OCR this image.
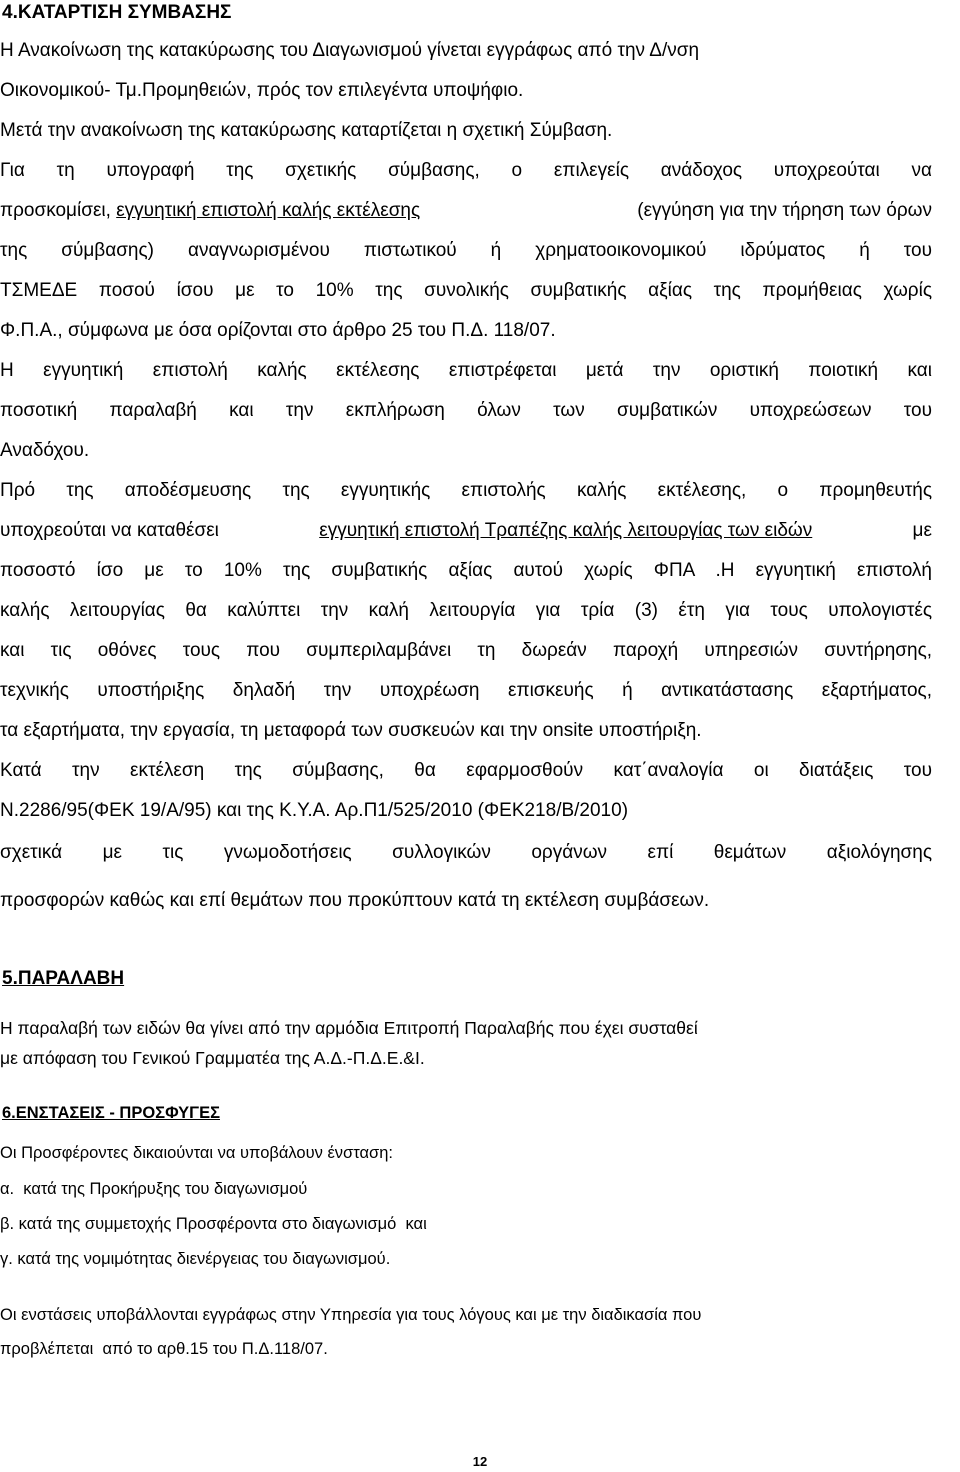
4.ΚΑΤΑΡΤΙΣΗ ΣΥΜΒΑΣΗΣ
Η Ανακοίνωση της κατακύρωσης του Διαγωνισμού γίνεται εγγράφως από την Δ/νση
Οικονομικού- Τμ.Προμηθειών, πρός τον επιλεγέντα υποψήφιο.
Μετά την ανακοίνωση της κατακύρωσης καταρτίζεται η σχετική Σύμβαση.
Για τη υπογραφή της σχετικής σύμβασης, ο επιλεγείς ανάδοχος υποχρεούται να
προσκομίσει, εγγυητική επιστολή καλής εκτέλεσης	(εγγύηση για την τήρηση των όρων
της σύμβασης) αναγνωρισμένου πιστωτικού ή χρηματοοικονομικού ιδρύματος ή του
ΤΣΜΕΔΕ ποσού ίσου με το 10% της συνολικής συμβατικής αξίας της προμήθειας χωρίς
Φ.Π.Α., σύμφωνα με όσα ορίζονται στο άρθρο 25 του Π.Δ. 118/07.
Η εγγυητική επιστολή καλής εκτέλεσης επιστρέφεται μετά την οριστική ποιοτική και
ποσοτική παραλαβή και την εκπλήρωση όλων των συμβατικών υποχρεώσεων του
Αναδόχου.
Πρό της αποδέσμευσης της εγγυητικής επιστολής καλής εκτέλεσης, ο προμηθευτής
υποχρεούται να καταθέσει	εγγυητική επιστολή Τραπέζης καλής λειτουργίας των ειδών	με
ποσοστό ίσο με το 10% της συμβατικής αξίας αυτού χωρίς ΦΠΑ .Η εγγυητική επιστολή
καλής λειτουργίας θα καλύπτει την καλή λειτουργία για τρία (3) έτη για τους υπολογιστές
και τις οθόνες τους που συμπεριλαμβάνει τη δωρεάν παροχή υπηρεσιών συντήρησης,
τεχνικής υποστήριξης δηλαδή την υποχρέωση επισκευής ή αντικατάστασης εξαρτήματος,
τα εξαρτήματα, την εργασία, τη μεταφορά των συσκευών και την onsite υποστήριξη.
Κατά την εκτέλεση της σύμβασης, θα εφαρμοσθούν κατ΄αναλογία οι διατάξεις του
Ν.2286/95(ΦΕΚ 19/Α/95) και της Κ.Υ.Α. Αρ.Π1/525/2010 (ΦΕΚ218/Β/2010)
σχετικά με τις γνωμοδοτήσεις συλλογικών οργάνων επί θεμάτων αξιολόγησης
προσφορών καθώς και επί θεμάτων που προκύπτουν κατά τη εκτέλεση συμβάσεων.
5.ΠΑΡΑΛΑΒΗ
Η παραλαβή των ειδών θα γίνει από την αρμόδια Επιτροπή Παραλαβής που έχει συσταθεί
με απόφαση του Γενικού Γραμματέα της Α.Δ.-Π.Δ.Ε.&Ι.
6.ΕΝΣΤΑΣΕΙΣ - ΠΡΟΣΦΥΓΕΣ
Οι Προσφέροντες δικαιούνται να υποβάλουν ένσταση:
α.  κατά της Προκήρυξης του διαγωνισμού
β. κατά της συμμετοχής Προσφέροντα στο διαγωνισμό  και
γ. κατά της νομιμότητας διενέργειας του διαγωνισμού.
Οι ενστάσεις υποβάλλονται εγγράφως στην Υπηρεσία για τους λόγους και με την διαδικασία που
προβλέπεται  από το αρθ.15 του Π.Δ.118/07.
12
